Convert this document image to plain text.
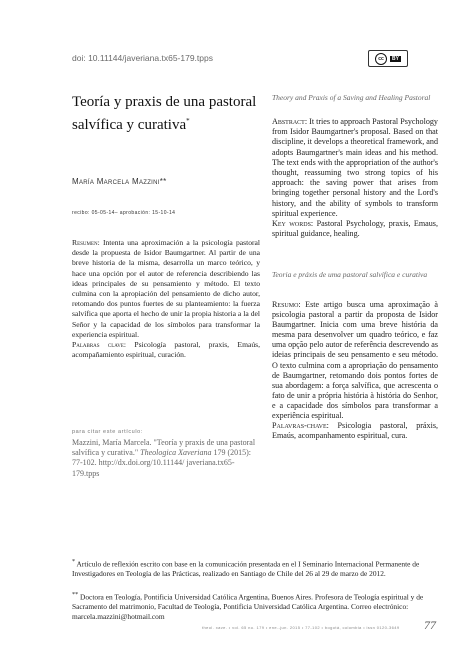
doi: 10.11144/javeriana.tx65-179.tpps	cc	BY
Teoría y praxis de una pastoral salvífica y curativa*
María Marcela Mazzini**
recibo: 05-05-14– aprobación: 15-10-14

Resumen: Intenta una aproximación a la psicología pastoral desde la propuesta de Isidor Baumgartner. Al partir de una breve historia de la misma, desarrolla un marco teórico, y hace una opción por el autor de referencia describiendo las ideas principales de su pensamiento y método. El texto culmina con la apropiación del pensamiento de dicho autor, retomando dos puntos fuertes de su planteamiento: la fuerza salvífica que aporta el hecho de unir la propia historia a la del Señor y la capacidad de los símbolos para transformar la experiencia espiritual.

Palabras clave: Psicología pastoral, praxis, Emaús, acompañamiento espiritual, curación.

para citar este artículo:
Mazzini, María Marcela. "Teoría y praxis de una pastoral salvífica y curativa." Theologica Xaveriana 179 (2015): 77-102. http://dx.doi.org/10.11144/ javeriana.tx65-179.tpps
Theory and Praxis of a Saving and Healing Pastoral

Abstract: It tries to approach Pastoral Psychology from Isidor Baumgartner's proposal. Based on that discipline, it develops a theoretical framework, and adopts Baumgartner's main ideas and his method. The text ends with the appropriation of the author's thought, reassuming two strong topics of his approach: the saving power that arises from bringing together personal history and the Lord's history, and the ability of symbols to transform spiritual experience.

Key words: Pastoral Psychology, praxis, Emaus, spiritual guidance, healing.

Teoria e práxis de uma pastoral salvífica e curativa

Resumo: Este artigo busca uma aproximação à psicologia pastoral a partir da proposta de Isidor Baumgartner. Inicia com uma breve história da mesma para desenvolver um quadro teórico, e faz uma opção pelo autor de referência descrevendo as ideias principais de seu pensamento e seu método. O texto culmina com a apropriação do pensamento de Baumgartner, retomando dois pontos fortes de sua abordagem: a força salvífica, que acrescenta o fato de unir a própria história à história do Senhor, e a capacidade dos símbolos para transformar a experiência espiritual.

Palavras-chave: Psicologia pastoral, práxis, Emaús, acompanhamento espiritual, cura.

* Artículo de reflexión escrito con base en la comunicación presentada en el I Seminario Internacional Permanente de Investigadores en Teología de las Prácticas, realizado en Santiago de Chile del 26 al 29 de marzo de 2012.
** Doctora en Teología, Pontificia Universidad Católica Argentina, Buenos Aires. Profesora de Teología espiritual y de Sacramento del matrimonio, Facultad de Teología, Pontificia Universidad Católica Argentina. Correo electrónico: marcela.mazzini@hotmail.com
theol. xave. • vol. 65 no. 179 • ene.-jun. 2015 • 77-102 • bogotá, colombia • issn 0120-3649 77
